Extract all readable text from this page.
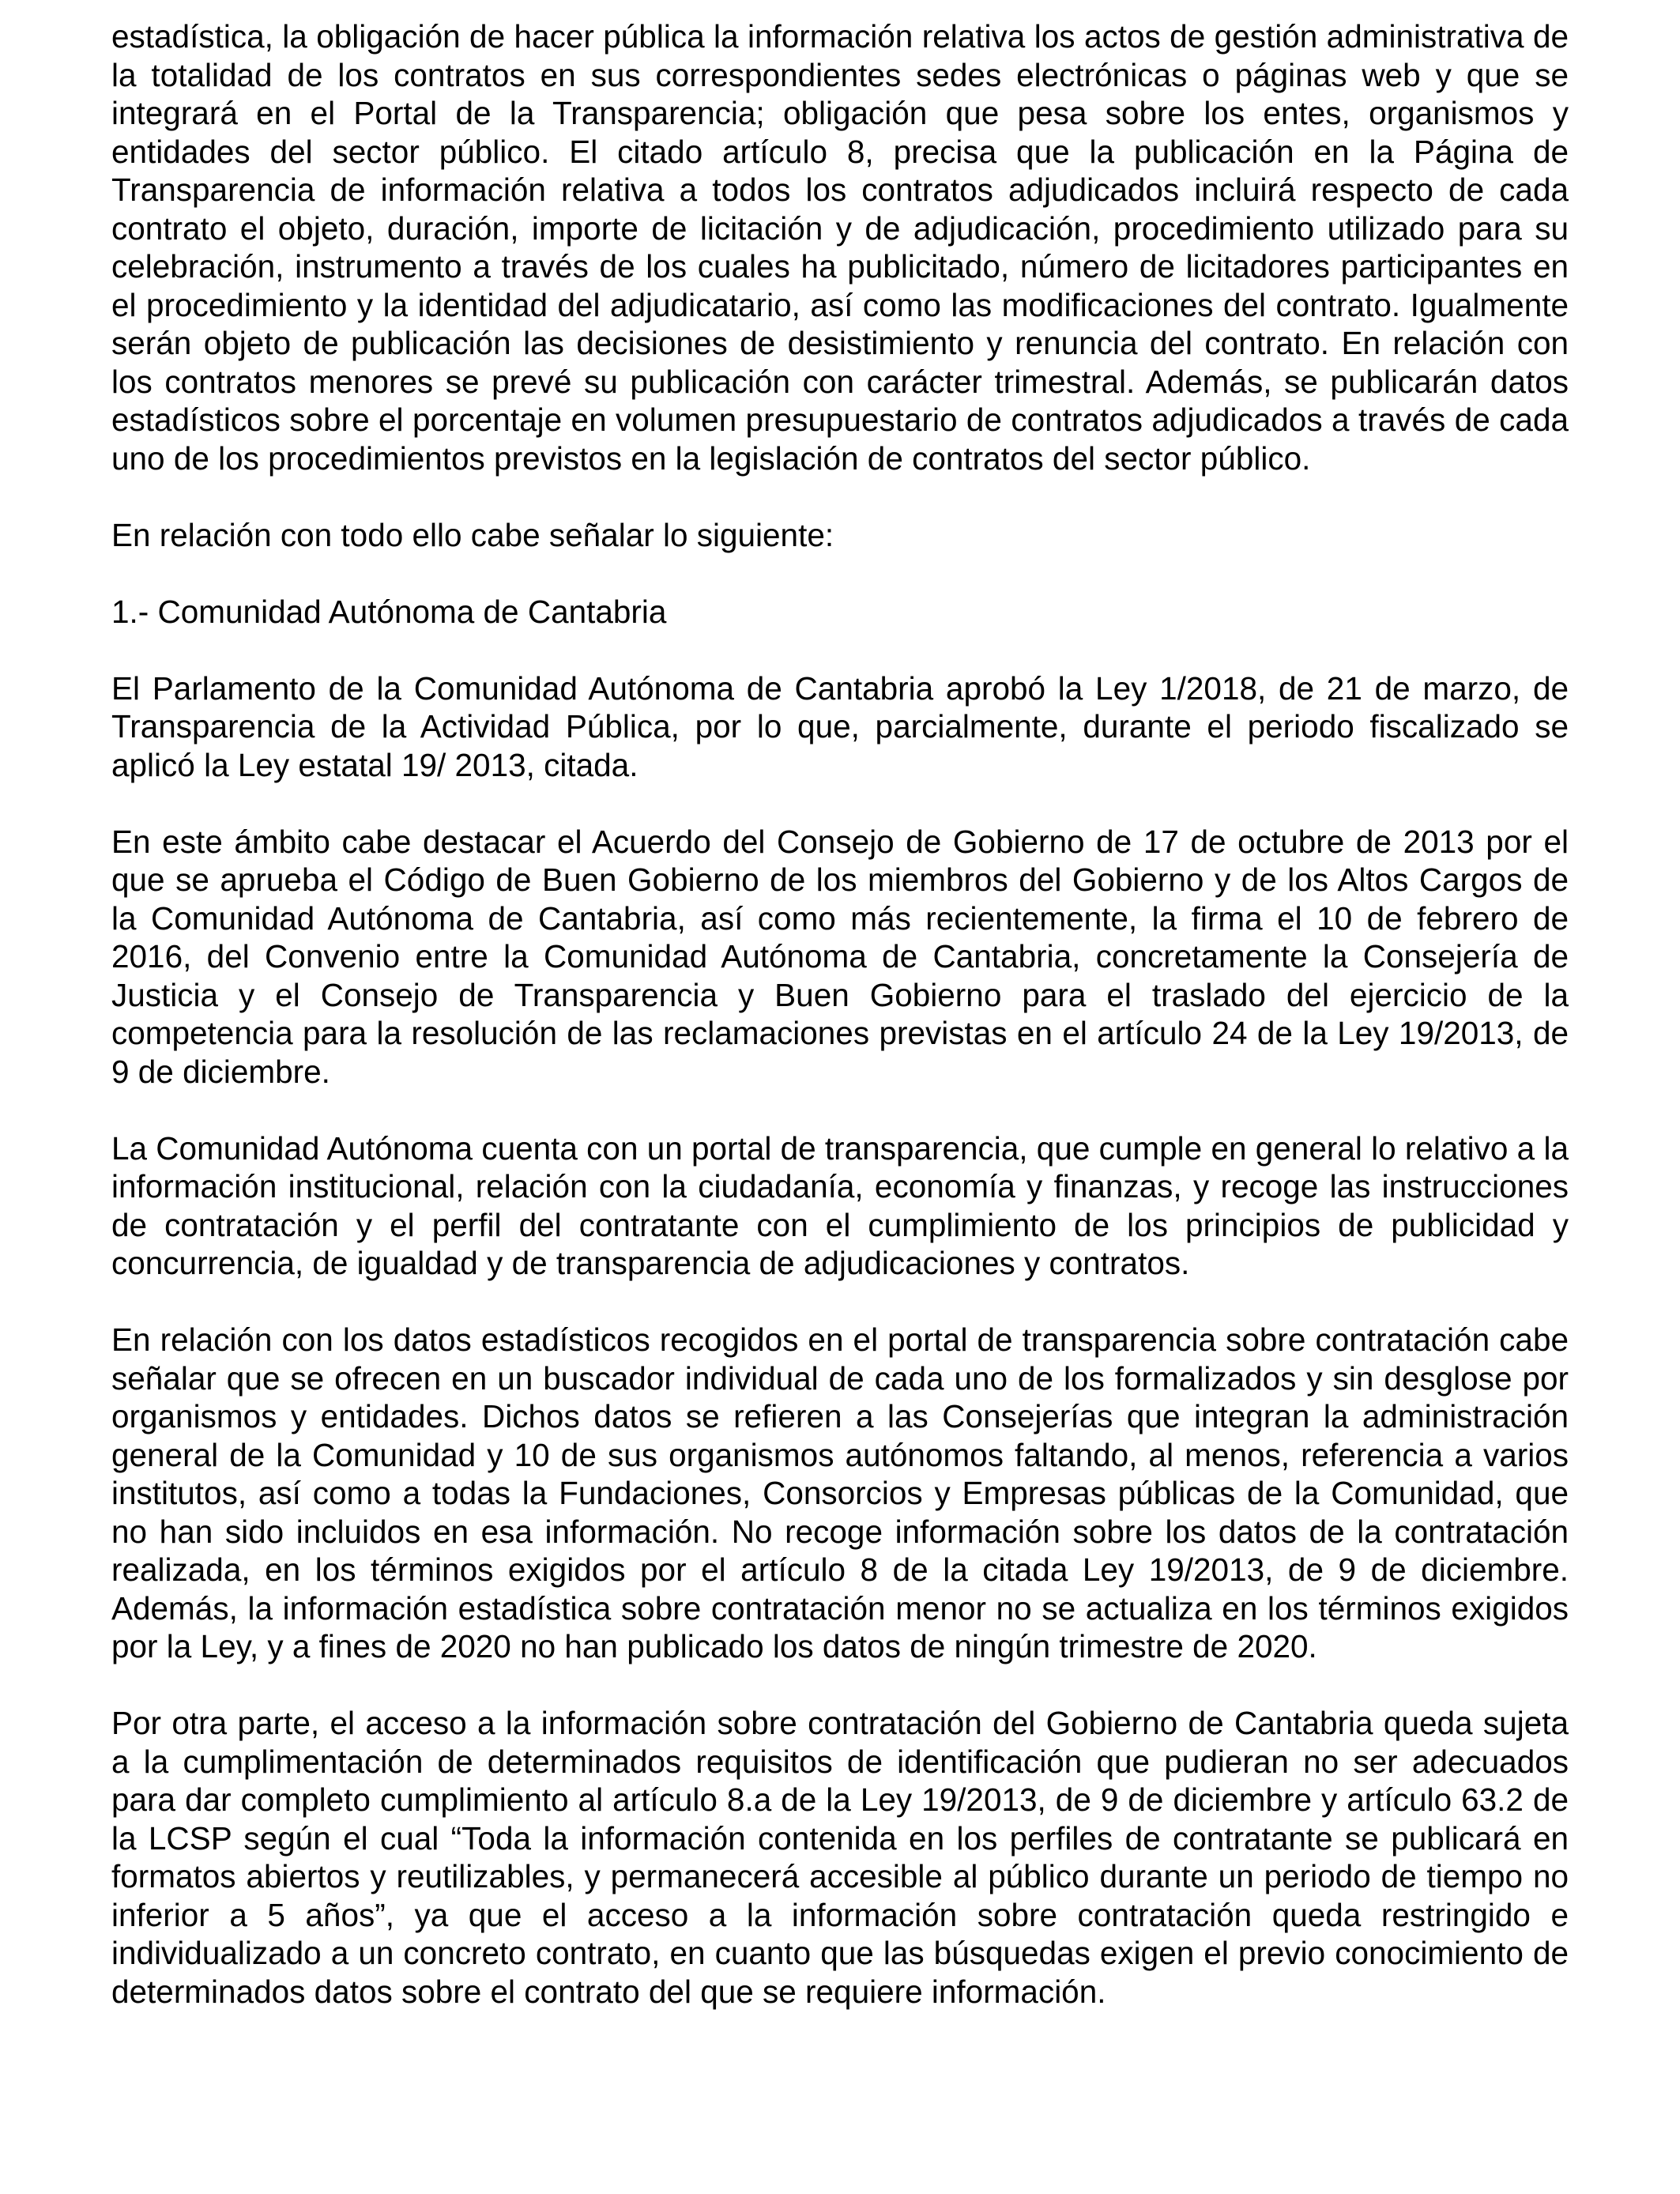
estadística, la obligación de hacer pública la información relativa los actos de gestión administrativa de la totalidad de los contratos en sus correspondientes sedes electrónicas o páginas web y que se integrará en el Portal de la Transparencia; obligación que pesa sobre los entes, organismos y entidades del sector público. El citado artículo 8, precisa que la publicación en la Página de Transparencia de información relativa a todos los contratos adjudicados incluirá respecto de cada contrato el objeto, duración, importe de licitación y de adjudicación, procedimiento utilizado para su celebración, instrumento a través de los cuales ha publicitado, número de licitadores participantes en el procedimiento y la identidad del adjudicatario, así como las modificaciones del contrato. Igualmente serán objeto de publicación las decisiones de desistimiento y renuncia del contrato. En relación con los contratos menores se prevé su publicación con carácter trimestral. Además, se publicarán datos estadísticos sobre el porcentaje en volumen presupuestario de contratos adjudicados a través de cada uno de los procedimientos previstos en la legislación de contratos del sector público.

En relación con todo ello cabe señalar lo siguiente:

1.- Comunidad Autónoma de Cantabria

El Parlamento de la Comunidad Autónoma de Cantabria aprobó la Ley 1/2018, de 21 de marzo, de Transparencia de la Actividad Pública, por lo que, parcialmente, durante el periodo fiscalizado se aplicó la Ley estatal 19/ 2013, citada.

En este ámbito cabe destacar el Acuerdo del Consejo de Gobierno de 17 de octubre de 2013 por el que se aprueba el Código de Buen Gobierno de los miembros del Gobierno y de los Altos Cargos de la Comunidad Autónoma de Cantabria, así como más recientemente, la firma el 10 de febrero de 2016, del Convenio entre la Comunidad Autónoma de Cantabria, concretamente la Consejería de Justicia y el Consejo de Transparencia y Buen Gobierno para el traslado del ejercicio de la competencia para la resolución de las reclamaciones previstas en el artículo 24 de la Ley 19/2013, de 9 de diciembre.

La Comunidad Autónoma cuenta con un portal de transparencia, que cumple en general lo relativo a la información institucional, relación con la ciudadanía, economía y finanzas, y recoge las instrucciones de contratación y el perfil del contratante con el cumplimiento de los principios de publicidad y concurrencia, de igualdad y de transparencia de adjudicaciones y contratos.

En relación con los datos estadísticos recogidos en el portal de transparencia sobre contratación cabe señalar que se ofrecen en un buscador individual de cada uno de los formalizados y sin desglose por organismos y entidades. Dichos datos se refieren a las Consejerías que integran la administración general de la Comunidad y 10 de sus organismos autónomos faltando, al menos, referencia a varios institutos, así como a todas la Fundaciones, Consorcios y Empresas públicas de la Comunidad, que no han sido incluidos en esa información. No recoge información sobre los datos de la contratación realizada, en los términos exigidos por el artículo 8 de la citada Ley 19/2013, de 9 de diciembre. Además, la información estadística sobre contratación menor no se actualiza en los términos exigidos por la Ley, y a fines de 2020 no han publicado los datos de ningún trimestre de 2020.

Por otra parte, el acceso a la información sobre contratación del Gobierno de Cantabria queda sujeta a la cumplimentación de determinados requisitos de identificación que pudieran no ser adecuados para dar completo cumplimiento al artículo 8.a de la Ley 19/2013, de 9 de diciembre y artículo 63.2 de la LCSP según el cual “Toda la información contenida en los perfiles de contratante se publicará en formatos abiertos y reutilizables, y permanecerá accesible al público durante un periodo de tiempo no inferior a 5 años”, ya que el acceso a la información sobre contratación queda restringido e individualizado a un concreto contrato, en cuanto que las búsquedas exigen el previo conocimiento de determinados datos sobre el contrato del que se requiere información.
